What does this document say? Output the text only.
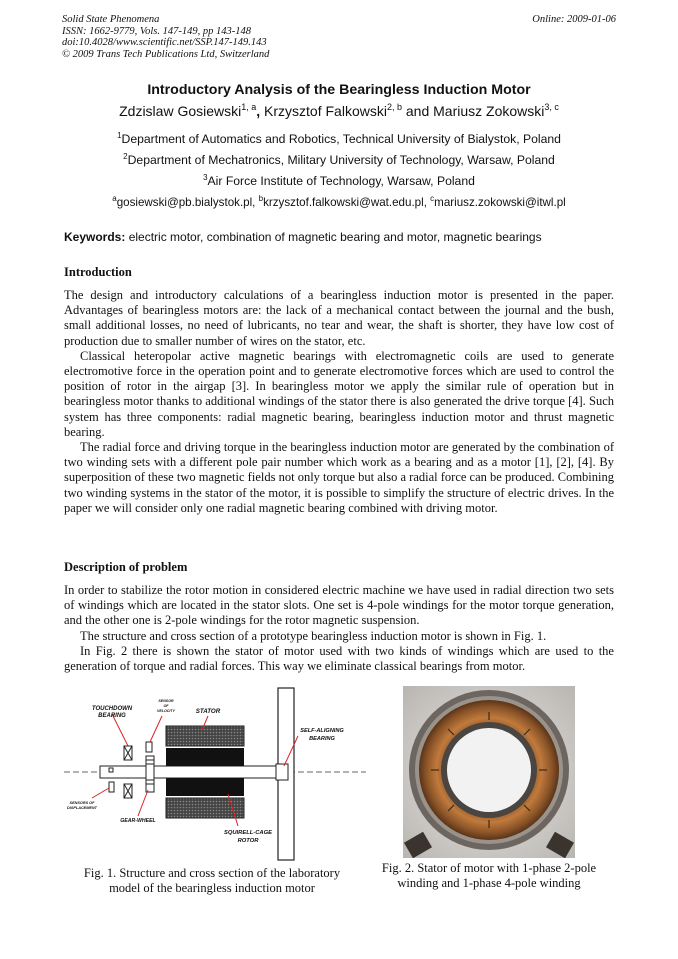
Solid State Phenomena
ISSN: 1662-9779, Vols. 147-149, pp 143-148
doi:10.4028/www.scientific.net/SSP.147-149.143
© 2009 Trans Tech Publications Ltd, Switzerland
Online: 2009-01-06
Introductory Analysis of the Bearingless Induction Motor
Zdzislaw Gosiewski$^{1, a}$, Krzysztof Falkowski$^{2, b}$ and Mariusz Zokowski$^{3, c}$
$^1$Department of Automatics and Robotics, Technical University of Bialystok, Poland
$^2$Department of Mechatronics, Military University of Technology, Warsaw, Poland
$^3$Air Force Institute of Technology, Warsaw, Poland
$^a$gosiewski@pb.bialystok.pl, $^b$krzysztof.falkowski@wat.edu.pl, $^c$mariusz.zokowski@itwl.pl
Keywords: electric motor, combination of magnetic bearing and motor, magnetic bearings
Introduction

The design and introductory calculations of a bearingless induction motor is presented in the paper. Advantages of bearingless motors are: the lack of a mechanical contact between the journal and the bush, small additional losses, no need of lubricants, no tear and wear, the shaft is shorter, they have low cost of production due to smaller number of wires on the stator, etc.

Classical heteropolar active magnetic bearings with electromagnetic coils are used to generate electromotive force in the operation point and to generate electromotive forces which are used to control the position of rotor in the airgap [3]. In bearingless motor we apply the similar rule of operation but in bearingless motor thanks to additional windings of the stator there is also generated the drive torque [4]. Such system has three components: radial magnetic bearing, bearingless induction motor and thrust magnetic bearing.

The radial force and driving torque in the bearingless induction motor are generated by the combination of two winding sets with a different pole pair number which work as a bearing and as a motor [1], [2], [4]. By superposition of these two magnetic fields not only torque but also a radial force can be produced. Combining two winding systems in the stator of the motor, it is possible to simplify the structure of electric drives. In the paper we will consider only one radial magnetic bearing combined with driving motor.

Description of problem

In order to stabilize the rotor motion in considered electric machine we have used in radial direction two sets of windings which are located in the stator slots. One set is 4-pole windings for the motor torque generation, and the other one is 2-pole windings for the rotor magnetic suspension.

The structure and cross section of a prototype bearingless induction motor is shown in Fig. 1.

In Fig. 2 there is shown the stator of motor used with two kinds of windings which are used to the generation of torque and radial forces. This way we eliminate classical bearings from motor.

TOUCHDOWN
BEARING
SENSOR
OF
VELOCITY	STATOR
SELF-ALIGNING
BEARING
SENSORS OF
DISPLACEMENT
GEAR-WHEEL
SQUIRELL-CAGE
ROTOR
Fig. 1. Structure and cross section of the laboratory
model of the bearingless induction motor
Fig. 2. Stator of motor with 1-phase 2-pole
winding and 1-phase 4-pole winding
